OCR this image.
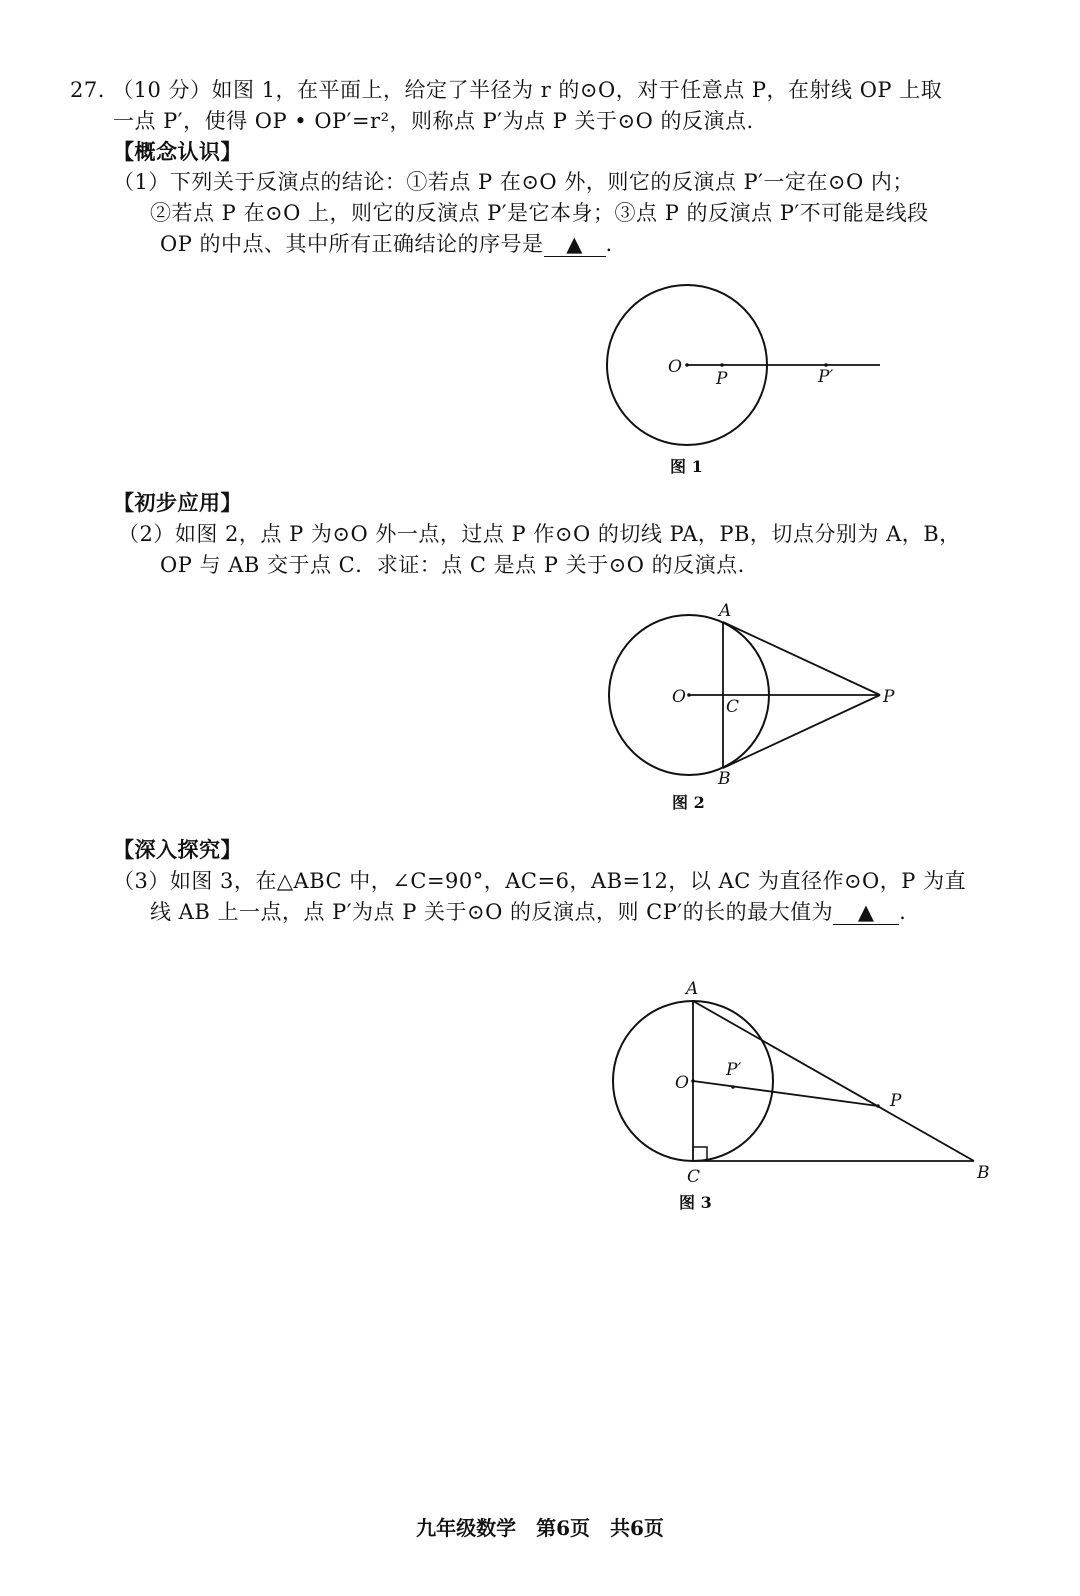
27. （10 分）如图 1，在平面上，给定了半径为 r 的⊙O，对于任意点 P，在射线 OP 上取
一点 P′，使得 OP • OP′=r²，则称点 P′为点 P 关于⊙O 的反演点.
【概念认识】
（1）下列关于反演点的结论：①若点 P 在⊙O 外，则它的反演点 P′一定在⊙O 内；
②若点 P 在⊙O 上，则它的反演点 P′是它本身；③点 P 的反演点 P′不可能是线段
OP 的中点、其中所有正确结论的序号是 ▲ .
O
P	P′
图 1
【初步应用】
（2）如图 2，点 P 为⊙O 外一点，过点 P 作⊙O 的切线 PA，PB，切点分别为 A，B，
OP 与 AB 交于点 C．求证：点 C 是点 P 关于⊙O 的反演点.
A
B
C
O	P
图 2
【深入探究】
（3）如图 3，在△ABC 中，∠C=90°，AC=6，AB=12，以 AC 为直径作⊙O，P 为直
线 AB 上一点，点 P′为点 P 关于⊙O 的反演点，则 CP′的长的最大值为 ▲ .
A
C	B
O
P′
P
图 3
九年级数学　第6页　共6页
